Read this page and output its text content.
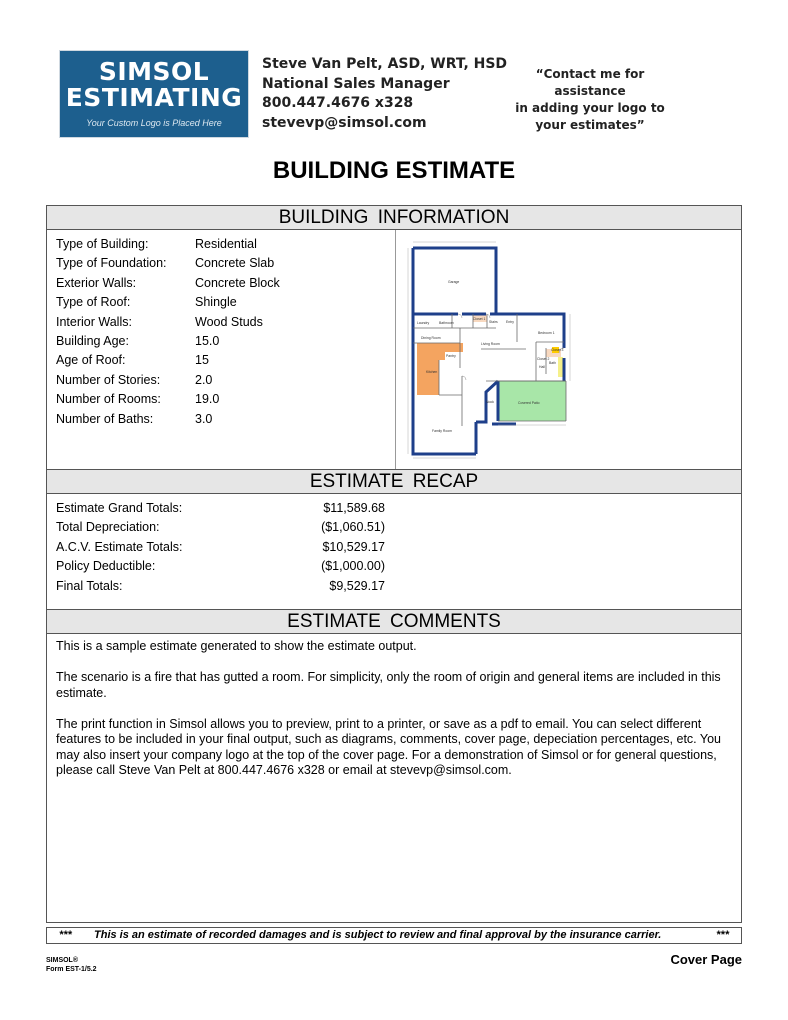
SIMSOL
ESTIMATING
Your Custom Logo is Placed Here
Steve Van Pelt, ASD, WRT, HSD
National Sales Manager
800.447.4676 x328
stevevp@simsol.com
“Contact me for assistance
in adding your logo to
your estimates”
BUILDING ESTIMATE
BUILDING INFORMATION
Type of Building:	Residential
Type of Foundation: Concrete Slab
Exterior Walls:	Concrete Block
Type of Roof:	Shingle
Interior Walls:	Wood Studs
Building Age:	15.0
Age of Roof:	15
Number of Stories:	2.0
Number of Rooms:	19.0
Number of Baths:	3.0
Garage
Laundry	Bathroom
Closet 1
Stairs Entry
Bedroom 1
Dining Room
Living Room
Pantry
Kitchen
Closet 2
Closet 3
Hall
Bath
Nook	Covered Patio
Family Room
ESTIMATE RECAP
Estimate Grand Totals:	$11,589.68
Total Depreciation:	($1,060.51)
A.C.V. Estimate Totals:	$10,529.17
Policy Deductible:	($1,000.00)
Final Totals:	$9,529.17
ESTIMATE COMMENTS

This is a sample estimate generated to show the estimate output.

The scenario is a fire that has gutted a room. For simplicity, only the room of origin and general items are included in this estimate.

The print function in Simsol allows you to preview, print to a printer, or save as a pdf to email. You can select different features to be included in your final output, such as diagrams, comments, cover page, depeciation percentages, etc. You may also insert your company logo at the top of the cover page. For a demonstration of Simsol or for general questions, please call Steve Van Pelt at 800.447.4676 x328 or email at stevevp@simsol.com.

*** This is an estimate of recorded damages and is subject to review and final approval by the insurance carrier.	***
SIMSOL®
Form EST-1/5.2
Cover Page
